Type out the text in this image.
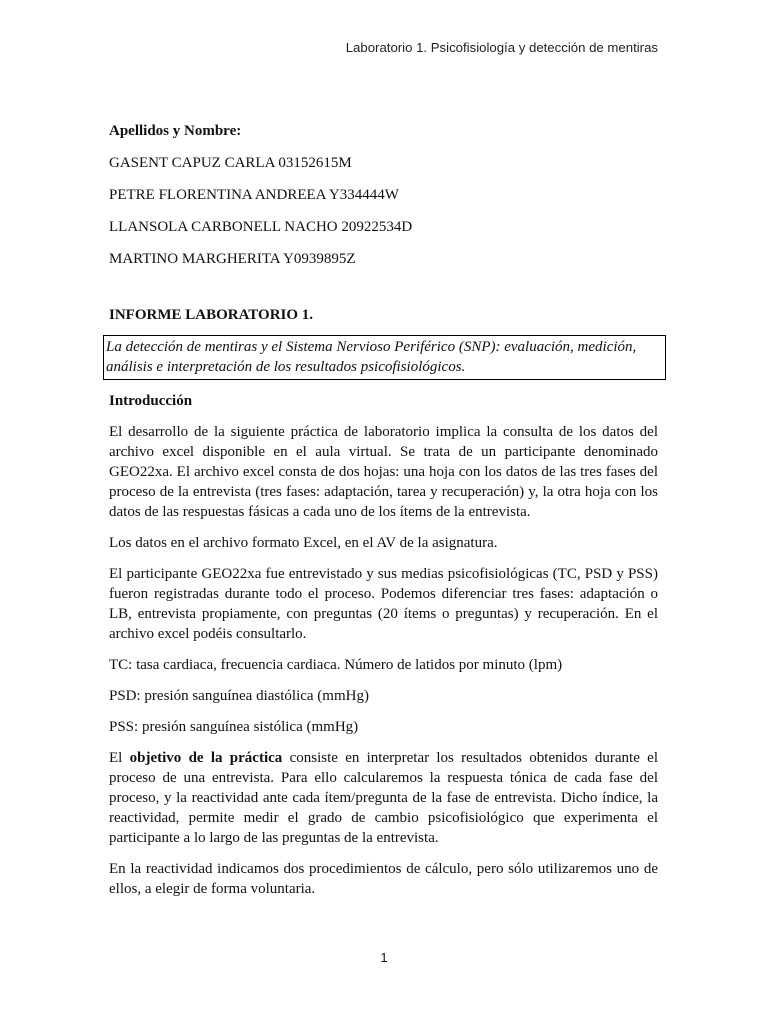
Laboratorio 1. Psicofisiología y detección de mentiras

Apellidos y Nombre:

GASENT CAPUZ CARLA 03152615M

PETRE FLORENTINA ANDREEA Y334444W

LLANSOLA CARBONELL NACHO 20922534D

MARTINO MARGHERITA Y0939895Z

INFORME LABORATORIO 1.

La detección de mentiras y el Sistema Nervioso Periférico (SNP): evaluación, medición, análisis e interpretación de los resultados psicofisiológicos.

Introducción

El desarrollo de la siguiente práctica de laboratorio implica la consulta de los datos del archivo excel disponible en el aula virtual. Se trata de un participante denominado GEO22xa. El archivo excel consta de dos hojas: una hoja con los datos de las tres fases del proceso de la entrevista (tres fases: adaptación, tarea y recuperación) y, la otra hoja con los datos de las respuestas fásicas a cada uno de los ítems de la entrevista.

Los datos en el archivo formato Excel, en el AV de la asignatura.

El participante GEO22xa fue entrevistado y sus medias psicofisiológicas (TC, PSD y PSS) fueron registradas durante todo el proceso. Podemos diferenciar tres fases: adaptación o LB, entrevista propiamente, con preguntas (20 ítems o preguntas) y recuperación. En el archivo excel podéis consultarlo.

TC: tasa cardiaca, frecuencia cardiaca. Número de latidos por minuto (lpm)

PSD: presión sanguínea diastólica (mmHg)

PSS: presión sanguínea sistólica (mmHg)

El objetivo de la práctica consiste en interpretar los resultados obtenidos durante el proceso de una entrevista. Para ello calcularemos la respuesta tónica de cada fase del proceso, y la reactividad ante cada ítem/pregunta de la fase de entrevista. Dicho índice, la reactividad, permite medir el grado de cambio psicofisiológico que experimenta el participante a lo largo de las preguntas de la entrevista.

En la reactividad indicamos dos procedimientos de cálculo, pero sólo utilizaremos uno de ellos, a elegir de forma voluntaria.

1
